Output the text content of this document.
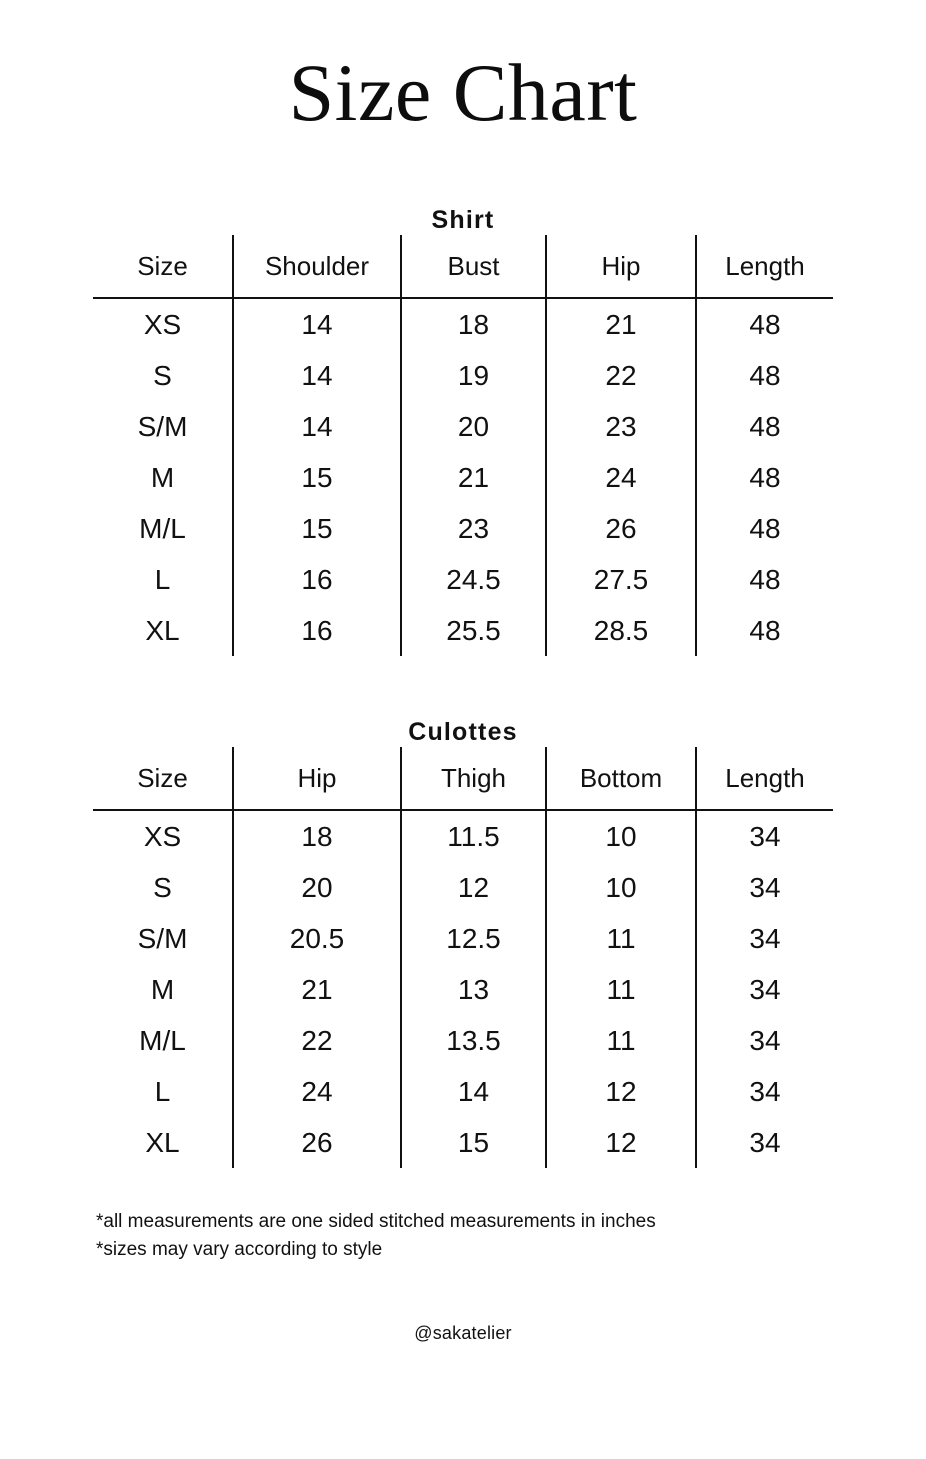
Size Chart
Shirt
Size	Shoulder	Bust	Hip	Length
XS	14	18	21	48
S	14	19	22	48
S/M	14	20	23	48
M	15	21	24	48
M/L	15	23	26	48
L	16	24.5	27.5	48
XL	16	25.5	28.5	48
Culottes
Size	Hip	Thigh	Bottom	Length
XS	18	11.5	10	34
S	20	12	10	34
S/M	20.5	12.5	11	34
M	21	13	11	34
M/L	22	13.5	11	34
L	24	14	12	34
XL	26	15	12	34
*all measurements are one sided stitched measurements in inches
*sizes may vary according to style
@sakatelier
